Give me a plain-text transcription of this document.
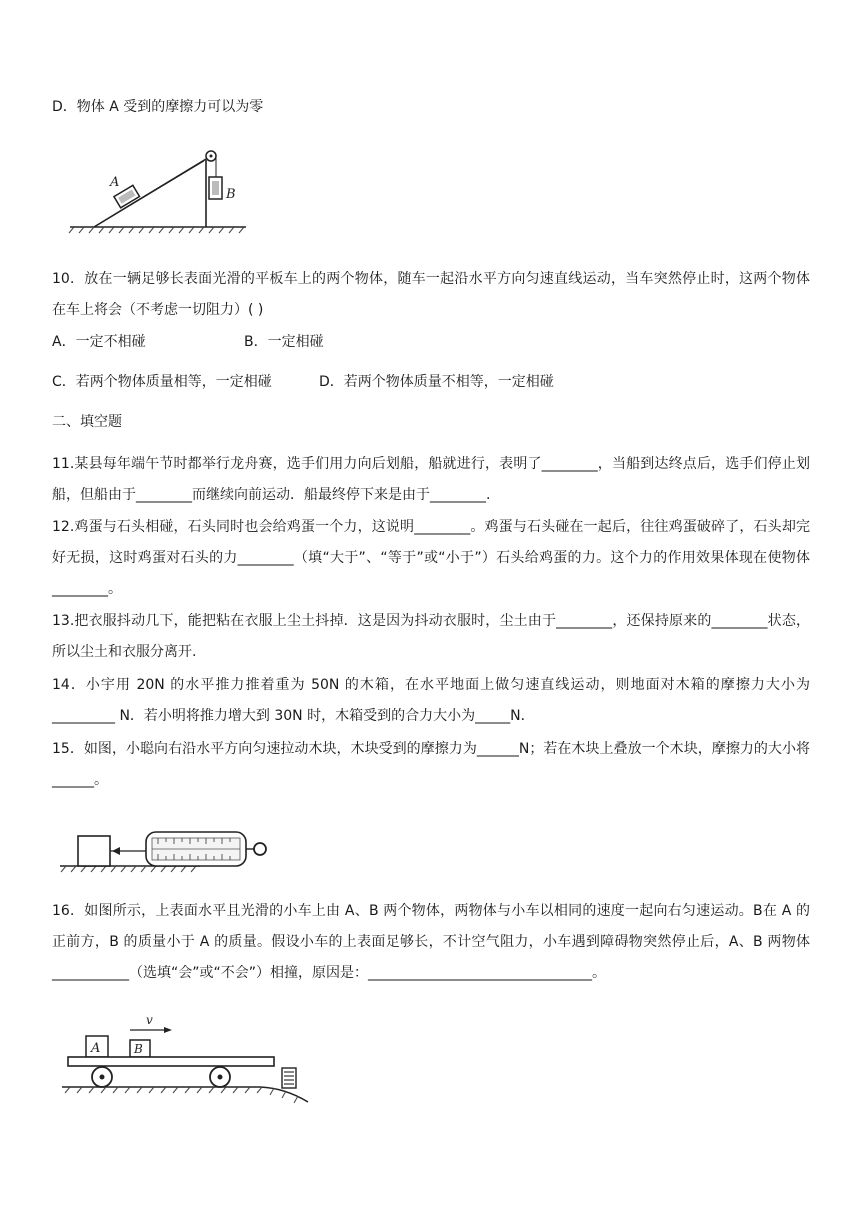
D．物体 A 受到的摩擦力可以为零
A
B
10．放在一辆足够长表面光滑的平板车上的两个物体，随车一起沿水平方向匀速直线运动，当车突然停止时，这两个物体在车上将会（不考虑一切阻力）( )
A．一定不相碰	B．一定相碰
C．若两个物体质量相等，一定相碰	D．若两个物体质量不相等，一定相碰
二、填空题
11.某县每年端午节时都举行龙舟赛，选手们用力向后划船，船就进行，表明了________，当船到达终点后，选手们停止划船，但船由于________而继续向前运动．船最终停下来是由于________.
12.鸡蛋与石头相碰，石头同时也会给鸡蛋一个力，这说明________。鸡蛋与石头碰在一起后，往往鸡蛋破碎了，石头却完好无损，这时鸡蛋对石头的力________（填“大于”、“等于”或“小于”）石头给鸡蛋的力。这个力的作用效果体现在使物体________。
13.把衣服抖动几下，能把粘在衣服上尘土抖掉．这是因为抖动衣服时，尘土由于________，还保持原来的________状态，所以尘土和衣服分离开.
14．小宇用 20N 的水平推力推着重为 50N 的木箱，在水平地面上做匀速直线运动，则地面对木箱的摩擦力大小为_________ N．若小明将推力增大到 30N 时，木箱受到的合力大小为_____N．
15．如图，小聪向右沿水平方向匀速拉动木块，木块受到的摩擦力为______N；若在木块上叠放一个木块，摩擦力的大小将______。
16．如图所示，上表面水平且光滑的小车上由 A、B 两个物体，两物体与小车以相同的速度一起向右匀速运动。B在 A 的正前方，B 的质量小于 A 的质量。假设小车的上表面足够长，不计空气阻力，小车遇到障碍物突然停止后，A、B 两物体___________（选填“会”或“不会”）相撞，原因是：________________________________。
v
A	B
